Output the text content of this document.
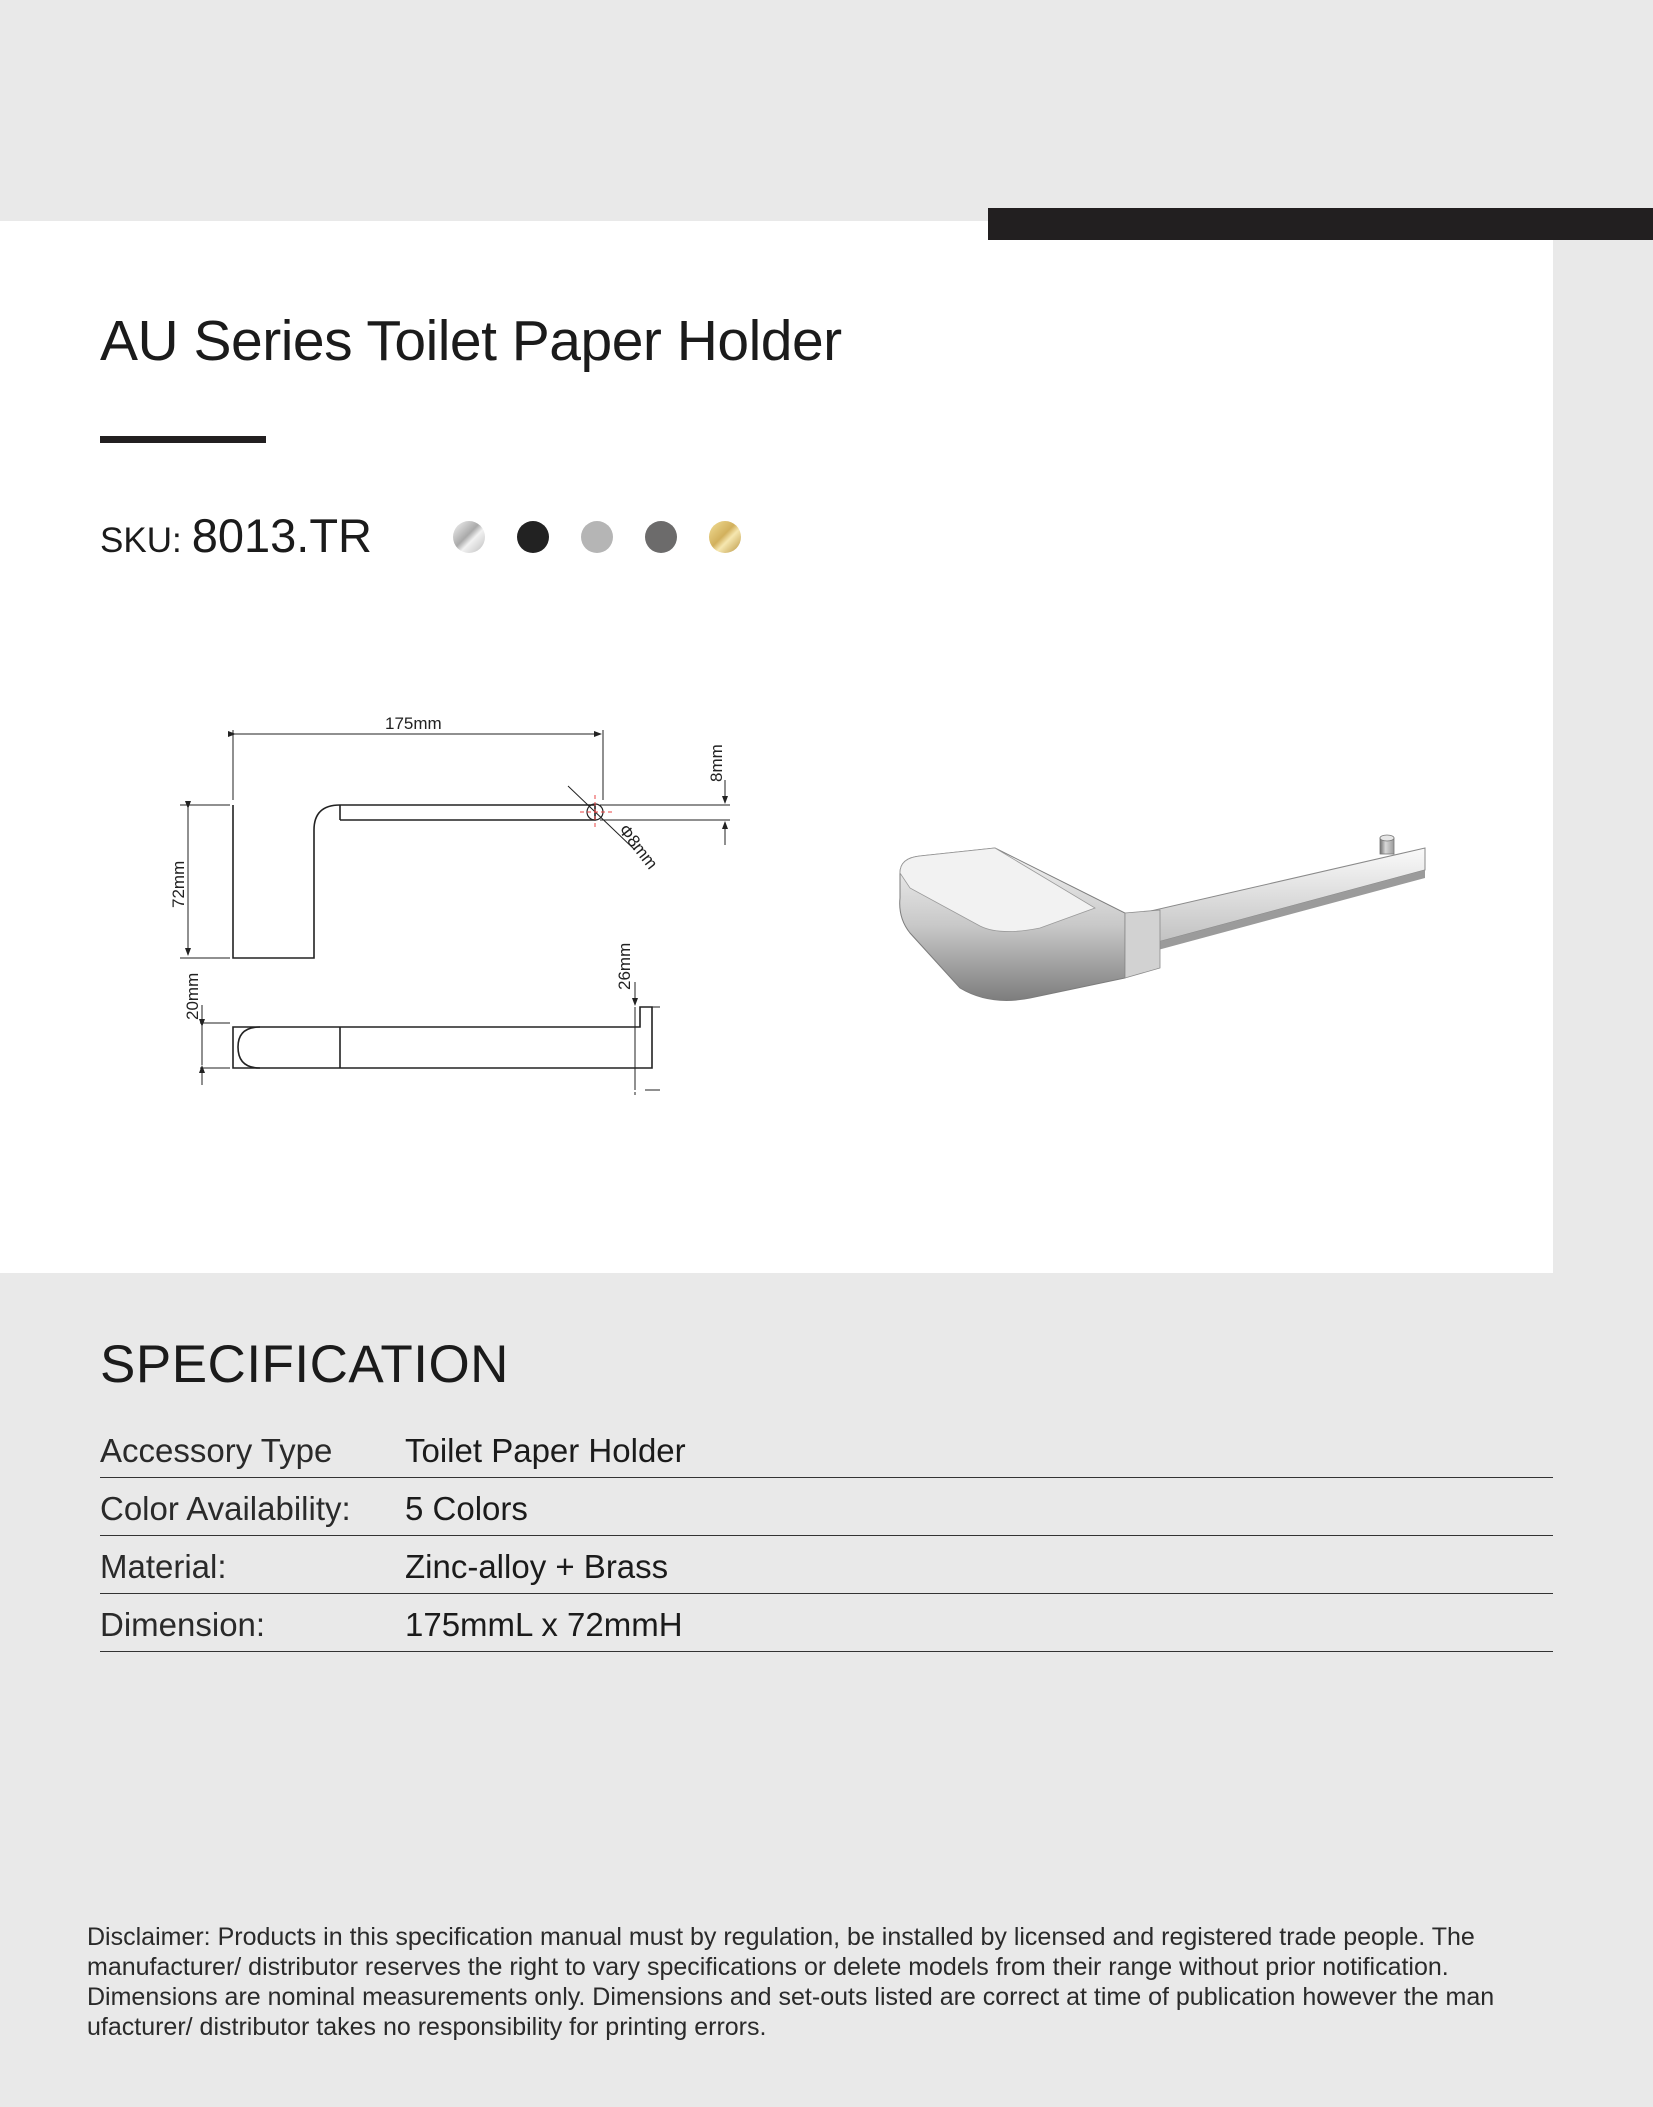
AU Series Toilet Paper Holder
SKU: 8013.TR
175mm
72mm
8mm
Φ8mm
20mm
26mm
SPECIFICATION
Accessory Type Toilet Paper Holder
Color Availability: 5 Colors
Material:	Zinc-alloy + Brass
Dimension:	175mmL x 72mmH

Disclaimer: Products in this specification manual must by regulation, be installed by licensed and registered trade people. The manufacturer/ distributor reserves the right to vary specifications or delete models from their range without prior notification. Dimensions are nominal measurements only. Dimensions and set-outs listed are correct at time of publication however the man ufacturer/ distributor takes no responsibility for printing errors.
